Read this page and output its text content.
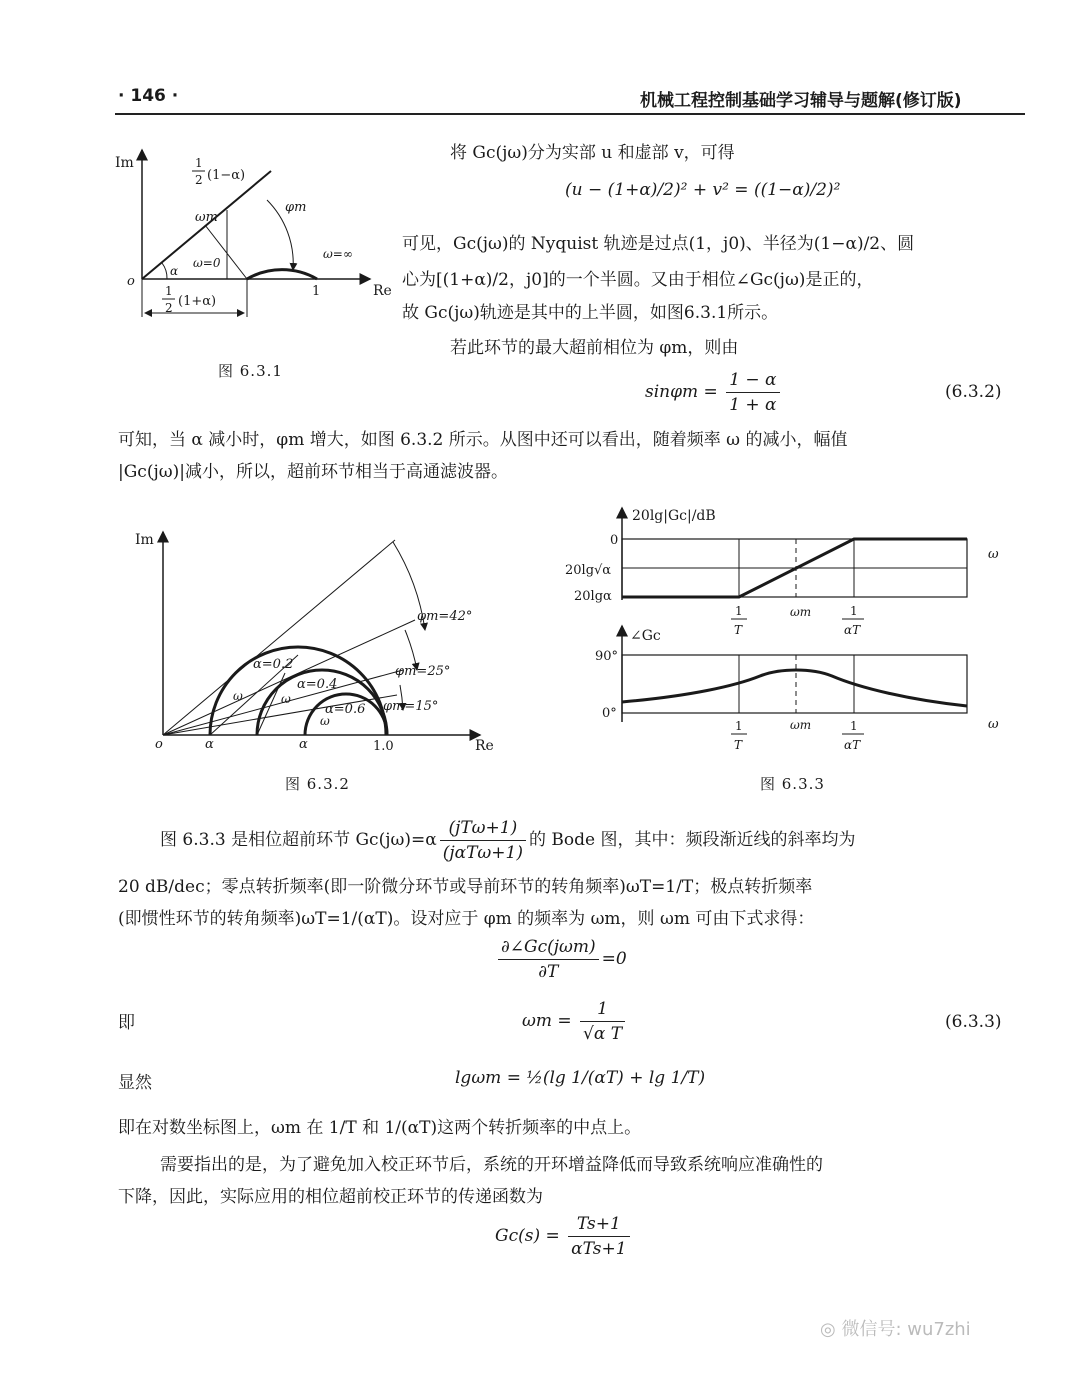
· 146 ·	机械工程控制基础学习辅导与题解(修订版)
Im
Re
o
1
1
2 (1−α)
1
2 (1+α)
ωm
φm
α
ω=0
ω=∞
图 6.3.1
将 Gc(jω)分为实部 u 和虚部 v，可得
(u − (1+α)/2)² + v² = ((1−α)/2)²
可见，Gc(jω)的 Nyquist 轨迹是过点(1，j0)、半径为(1−α)/2、圆
心为[(1+α)/2，j0]的一个半圆。又由于相位∠Gc(jω)是正的，
故 Gc(jω)轨迹是其中的上半圆，如图6.3.1所示。
若此环节的最大超前相位为 φm，则由
$\sin\varphi m = \frac{1 - \alpha}{1 + \alpha}$	(6.3.2)
可知，当 α 减小时，φm 增大，如图 6.3.2 所示。从图中还可以看出，随着频率 ω 的减小，幅值
|Gc(jω)|减小，所以，超前环节相当于高通滤波器。
Im
Re
o	α	α	1.0
φm=42°
φm=25°
φm=15°
α=0.2
α=0.4
α=0.6
ω	ω
ω
图 6.3.2
20lg|Gc|/dB
0
20lg√α
20lgα
ω
1
T
ωm	1
αT
∠Gc
90°
0°
ω
1
T
ωm	1
αT
图 6.3.3
图 6.3.3 是相位超前环节 $Gc(j\omega)=\alpha \frac{\text{(jTω+1)}}{\text{(jαTω+1)}}$ 的 Bode 图，其中：频段渐近线的斜率均为
20 dB/dec；零点转折频率(即一阶微分环节或导前环节的转角频率)ωT=1/T；极点转折频率
(即惯性环节的转角频率)ωT=1/(αT)。设对应于 φm 的频率为 ωm，则 ωm 可由下式求得：
$\frac{\text{∂∠Gc(jωm)}}{\partial T} =0$
即	$\omega m = \frac{1}{\text{√α T}}$	(6.3.3)
显然	lgωm = ½(lg 1/(αT) + lg 1/T)
即在对数坐标图上，ωm 在 1/T 和 1/(αT)这两个转折频率的中点上。
需要指出的是，为了避免加入校正环节后，系统的开环增益降低而导致系统响应准确性的
下降，因此，实际应用的相位超前校正环节的传递函数为
$Gc(s) = \frac{Ts+1}{\text{αTs+1}}$
◎ 微信号: wu7zhi
